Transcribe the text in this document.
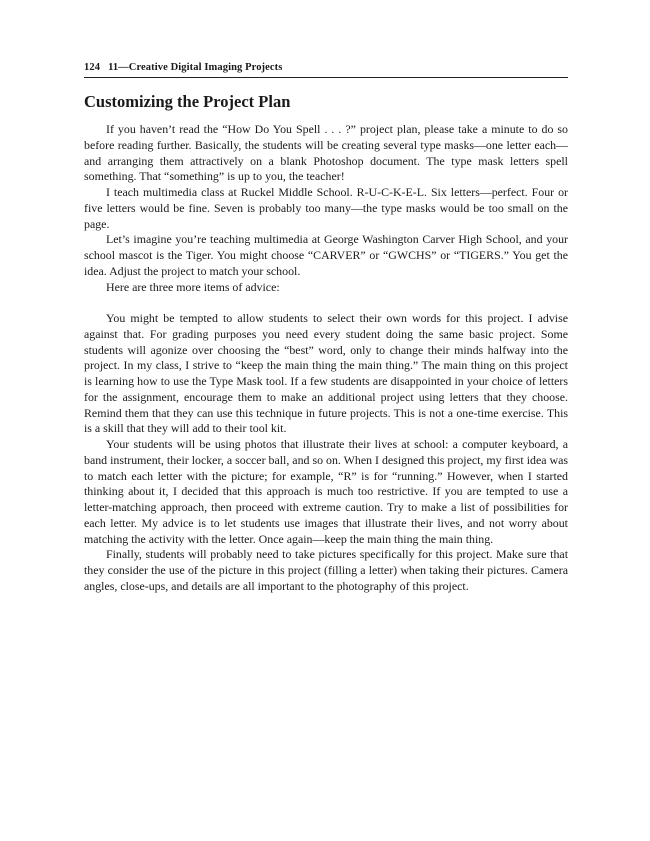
124 11—Creative Digital Imaging Projects
Customizing the Project Plan

If you haven’t read the “How Do You Spell . . . ?” project plan, please take a minute to do so before reading further. Basically, the students will be creating several type masks—one letter each—and arranging them attractively on a blank Photoshop document. The type mask letters spell something. That “something” is up to you, the teacher!

I teach multimedia class at Ruckel Middle School. R-U-C-K-E-L. Six letters—perfect. Four or five letters would be fine. Seven is probably too many—the type masks would be too small on the page.

Let’s imagine you’re teaching multimedia at George Washington Carver High School, and your school mascot is the Tiger. You might choose “CARVER” or “GWCHS” or “TIGERS.” You get the idea. Adjust the project to match your school.

Here are three more items of advice:

You might be tempted to allow students to select their own words for this project. I advise against that. For grading purposes you need every student doing the same basic project. Some students will agonize over choosing the “best” word, only to change their minds halfway into the project. In my class, I strive to “keep the main thing the main thing.” The main thing on this project is learning how to use the Type Mask tool. If a few students are disappointed in your choice of letters for the assignment, encourage them to make an additional project using letters that they choose. Remind them that they can use this technique in future projects. This is not a one-time exercise. This is a skill that they will add to their tool kit.

Your students will be using photos that illustrate their lives at school: a computer keyboard, a band instrument, their locker, a soccer ball, and so on. When I designed this project, my first idea was to match each letter with the picture; for example, “R” is for “running.” However, when I started thinking about it, I decided that this approach is much too restrictive. If you are tempted to use a letter-matching approach, then proceed with extreme caution. Try to make a list of possibilities for each letter. My advice is to let students use images that illustrate their lives, and not worry about matching the activity with the letter. Once again—keep the main thing the main thing.

Finally, students will probably need to take pictures specifically for this project. Make sure that they consider the use of the picture in this project (filling a letter) when taking their pictures. Camera angles, close-ups, and details are all important to the photography of this project.
